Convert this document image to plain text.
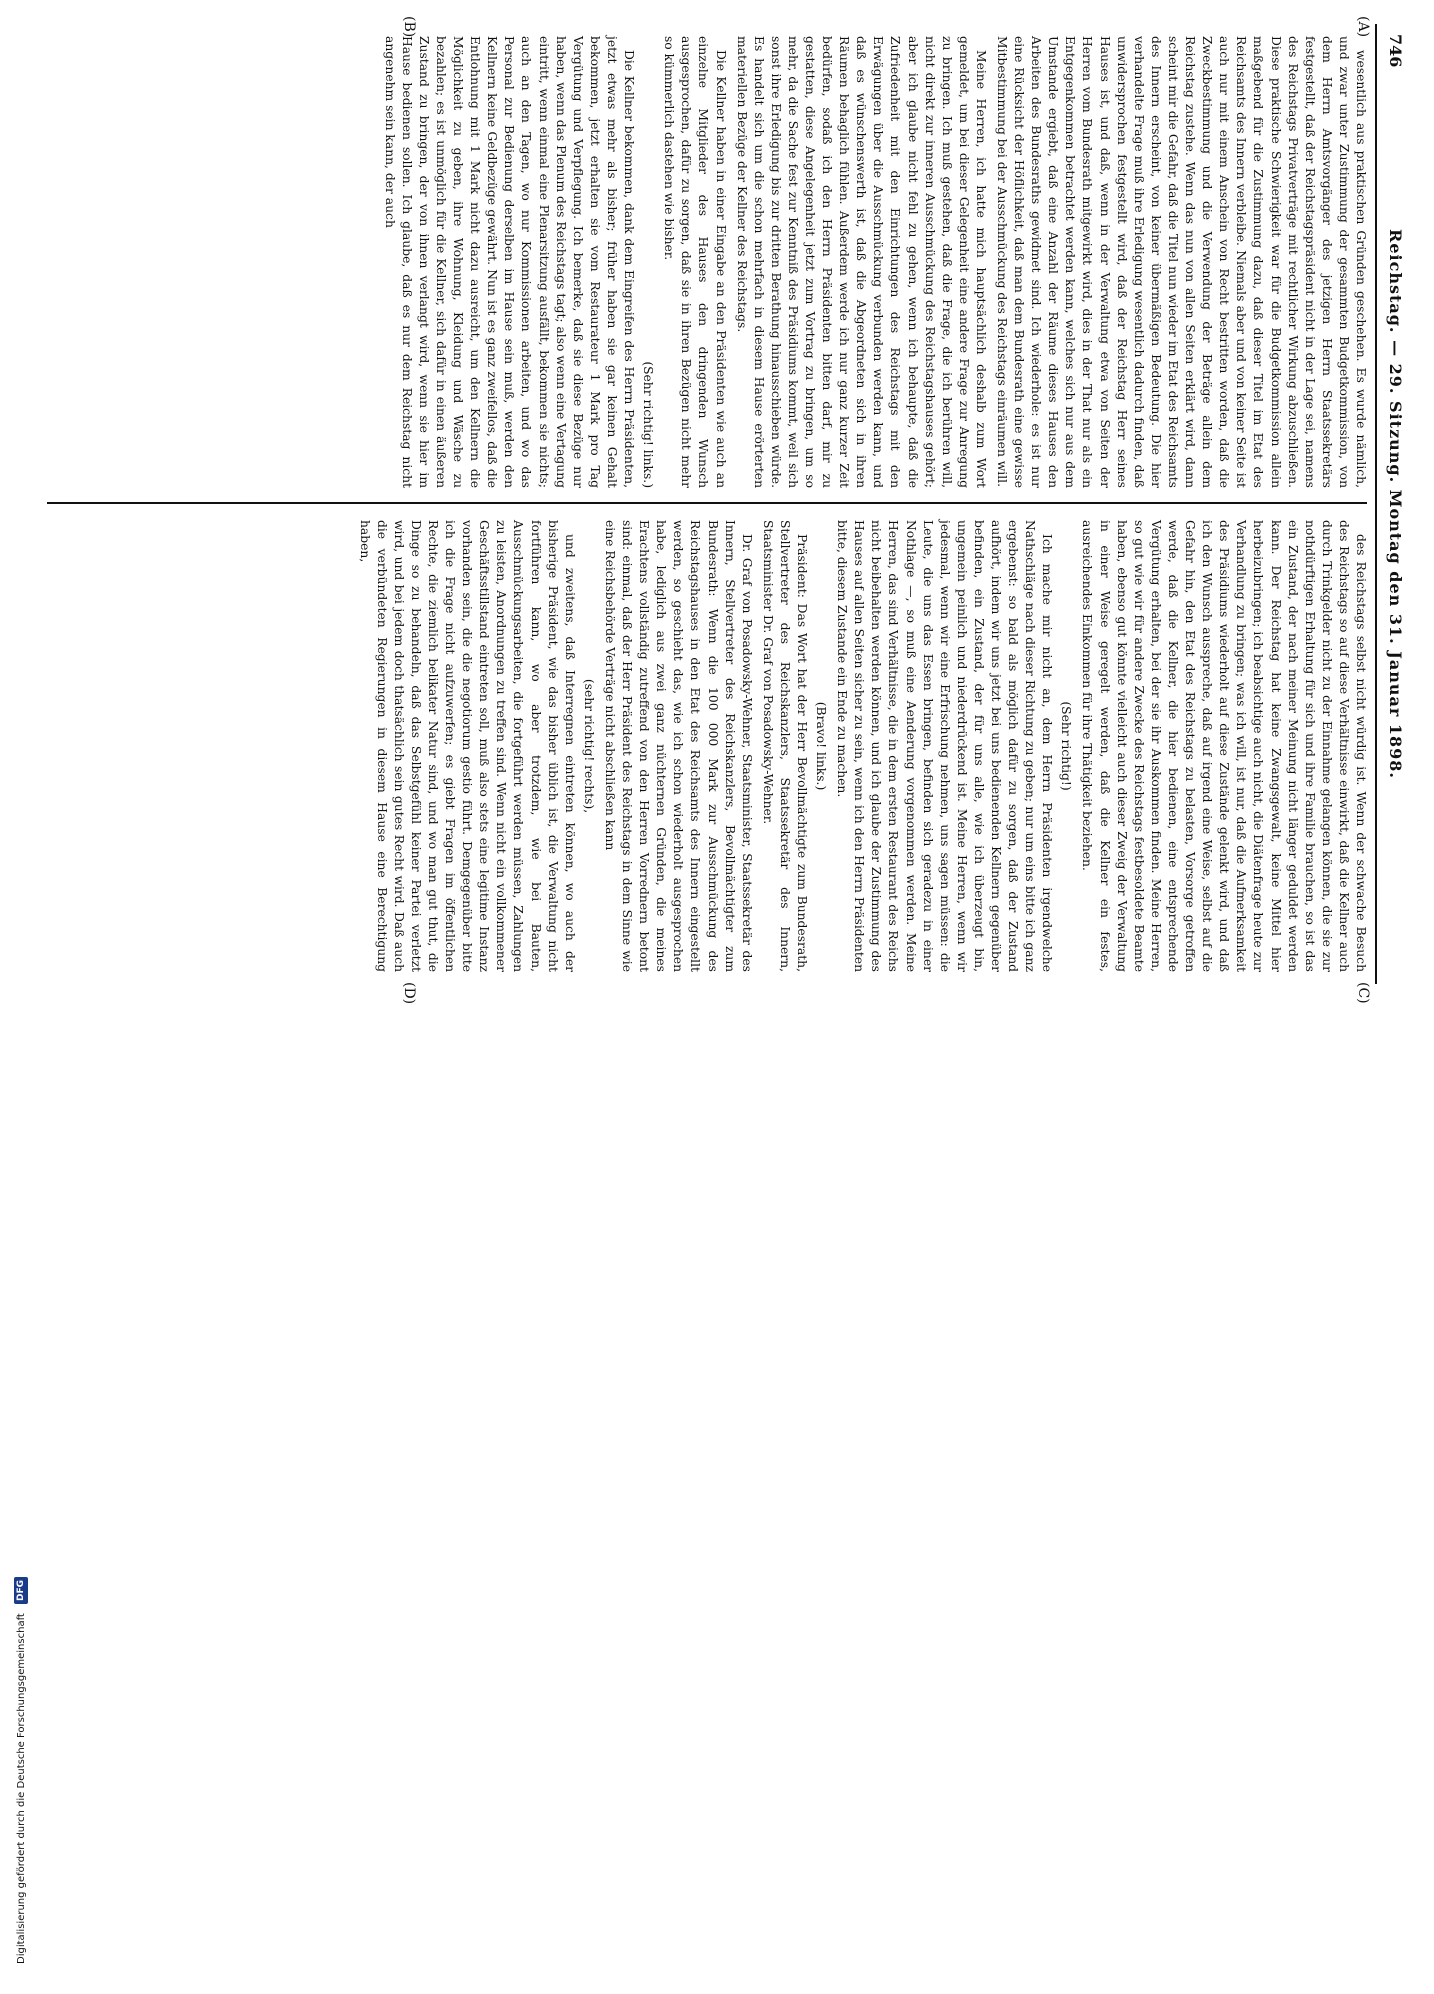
746
Reichstag. — 29. Sitzung. Montag den 31. Januar 1898.
(A)
(B)
(C)
(D)

wesentlich aus praktischen Gründen geschehen. Es wurde nämlich, und zwar unter Zustimmung der gesammten Budgetkommission, von dem Herrn Amtsvorgänger des jetzigen Herrn Staatssekretärs festgestellt, daß der Reichstagspräsident nicht in der Lage sei, namens des Reichstags Privatverträge mit rechtlicher Wirkung abzuschließen. Diese praktische Schwierigkeit war für die Budgetkommission allein maßgebend für die Zustimmung dazu, daß dieser Titel im Etat des Reichsamts des Innern verbleibe. Niemals aber und von keiner Seite ist auch nur mit einem Anschein von Recht bestritten worden, daß die Zweckbestimmung und die Verwendung der Beträge allein dem Reichstag zustehe. Wenn das nun von allen Seiten erklärt wird, dann scheint mir die Gefahr, daß die Titel nun wieder im Etat des Reichsamts des Innern erscheint, von keiner übermäßigen Bedeutung. Die hier verhandelte Frage muß ihre Erledigung wesentlich dadurch finden, daß unwidersprochen festgestellt wird, daß der Reichstag Herr seines Hauses ist, und daß, wenn in der Verwaltung etwa von Seiten der Herren vom Bundesrath mitgewirkt wird, dies in der That nur als ein Entgegenkommen betrachtet werden kann, welches sich nur aus dem Umstande ergiebt, daß eine Anzahl der Räume dieses Hauses den Arbeiten des Bundesraths gewidmet sind. Ich wiederhole: es ist nur eine Rücksicht der Höflichkeit, daß man dem Bundesrath eine gewisse Mitbestimmung bei der Ausschmückung des Reichstags einräumen will.

Meine Herren, ich hatte mich hauptsächlich deshalb zum Wort gemeldet, um bei dieser Gelegenheit eine andere Frage zur Anregung zu bringen. Ich muß gestehen, daß die Frage, die ich berühren will, nicht direkt zur inneren Ausschmückung des Reichstagshauses gehört; aber ich glaube nicht fehl zu gehen, wenn ich behaupte, daß die Zufriedenheit mit den Einrichtungen des Reichstags mit den Erwägungen über die Ausschmückung verbunden werden kann, und daß es wünschenswerth ist, daß die Abgeordneten sich in ihren Räumen behaglich fühlen. Außerdem werde ich nur ganz kurzer Zeit bedürfen, sodaß ich den Herrn Präsidenten bitten darf, mir zu gestatten, diese Angelegenheit jetzt zum Vortrag zu bringen, um so mehr, da die Sache fest zur Kenntniß des Präsidiums kommt, weil sich sonst ihre Erledigung bis zur dritten Berathung hinausschieben würde. Es handelt sich um die schon mehrfach in diesem Hause erörterten materiellen Bezüge der Kellner des Reichstags.

Die Kellner haben in einer Eingabe an den Präsidenten wie auch an einzelne Mitglieder des Hauses den dringenden Wunsch ausgesprochen, dafür zu sorgen, daß sie in ihren Bezügen nicht mehr so kümmerlich dastehen wie bisher.

(Sehr richtig! links.)

Die Kellner bekommen, dank dem Eingreifen des Herrn Präsidenten, jetzt etwas mehr als bisher; früher haben sie gar keinen Gehalt bekommen, jetzt erhalten sie vom Restaurateur 1 Mark pro Tag Vergütung und Verpflegung. Ich bemerke, daß sie diese Bezüge nur haben, wenn das Plenum des Reichstags tagt; also wenn eine Vertagung eintritt, wenn einmal eine Plenarsitzung ausfällt, bekommen sie nichts; auch an den Tagen, wo nur Kommissionen arbeiten, und wo das Personal zur Bedienung derselben im Hause sein muß, werden den Kellnern keine Geldbezüge gewährt. Nun ist es ganz zweifellos, daß die Entlohnung mit 1 Mark nicht dazu ausreicht, um den Kellnern die Möglichkeit zu geben, ihre Wohnung, Kleidung und Wäsche zu bezahlen; es ist unmöglich für die Kellner, sich dafür in einen äußeren Zustand zu bringen, der von ihnen verlangt wird, wenn sie hier im Hause bedienen sollen. Ich glaube, daß es nur dem Reichstag nicht angenehm sein kann, der auch

des Reichstags selbst nicht würdig ist. Wenn der schwache Besuch des Reichstags so auf diese Verhältnisse einwirkt, daß die Kellner auch durch Trinkgelder nicht zu der Einnahme gelangen können, die sie zur nothdürftigen Erhaltung für sich und ihre Familie brauchen, so ist das ein Zustand, der nach meiner Meinung nicht länger geduldet werden kann. Der Reichstag hat keine Zwangsgewalt, keine Mittel hier herbeizubringen; ich beabsichtige auch nicht, die Diätenfrage heute zur Verhandlung zu bringen; was ich will, ist nur, daß die Aufmerksamkeit des Präsidiums wiederholt auf diese Zustände gelenkt wird, und daß ich den Wunsch ausspreche, daß auf irgend eine Weise, selbst auf die Gefahr hin, den Etat des Reichstags zu belasten, Vorsorge getroffen werde, daß die Kellner, die hier bedienen, eine entsprechende Vergütung erhalten, bei der sie ihr Auskommen finden. Meine Herren, so gut wie wir für andere Zwecke des Reichstags festbesoldete Beamte haben, ebenso gut könnte vielleicht auch dieser Zweig der Verwaltung in einer Weise geregelt werden, daß die Kellner ein festes, ausreichendes Einkommen für ihre Thätigkeit beziehen.

(Sehr richtig!)

Ich mache mir nicht an, dem Herrn Präsidenten irgendwelche Nathschläge nach dieser Richtung zu geben; nur um eins bitte ich ganz ergebenst: so bald als möglich dafür zu sorgen, daß der Zustand aufhört, indem wir uns jetzt bei uns bedienenden Kellnern gegenüber befinden, ein Zustand, der für uns alle, wie ich überzeugt bin, ungemein peinlich und niederdrückend ist. Meine Herren, wenn wir jedesmal, wenn wir eine Erfrischung nehmen, uns sagen müssen: die Leute, die uns das Essen bringen, befinden sich geradezu in einer Nothlage —, so muß eine Aenderung vorgenommen werden. Meine Herren, das sind Verhältnisse, die in dem ersten Restaurant des Reichs nicht beibehalten werden können, und ich glaube der Zustimmung des Hauses auf allen Seiten sicher zu sein, wenn ich den Herrn Präsidenten bitte, diesem Zustande ein Ende zu machen.

(Bravo! links.)

Präsident: Das Wort hat der Herr Bevollmächtigte zum Bundesrath, Stellvertreter des Reichskanzlers, Staatssekretär des Innern, Staatsminister Dr. Graf von Posadowsky-Wehner.

Dr. Graf von Posadowsky-Wehner, Staatsminister, Staatssekretär des Innern, Stellvertreter des Reichskanzlers, Bevollmächtigter zum Bundesrath: Wenn die 100 000 Mark zur Ausschmückung des Reichstagshauses in den Etat des Reichsamts des Innern eingestellt werden, so geschieht das, wie ich schon wiederholt ausgesprochen habe, lediglich aus zwei ganz nüchternen Gründen, die meines Erachtens vollständig zutreffend von den Herren Vorrednern betont sind: einmal, daß der Herr Präsident des Reichstags in dem Sinne wie eine Reichsbehörde Verträge nicht abschließen kann

(sehr richtig! rechts),

und zweitens, daß Interregnen eintreten können, wo auch der bisherige Präsident, wie das bisher üblich ist, die Verwaltung nicht fortführen kann, wo aber trotzdem, wie bei Bauten, Ausschmückungsarbeiten, die fortgeführt werden müssen, Zahlungen zu leisten, Anordnungen zu treffen sind. Wenn nicht ein vollkommener Geschäftsstillstand eintreten soll, muß also stets eine legitime Instanz vorhanden sein, die die negotiorum gestio führt. Demgegenüber bitte ich die Frage nicht aufzuwerfen; es giebt Fragen im öffentlichen Rechte, die ziemlich belikater Natur sind, und wo man gut thut, die Dinge so zu behandeln, daß das Selbstgefühl keiner Partei verletzt wird, und bei jedem doch thatsächlich sein gutes Recht wird. Daß auch die verbündeten Regierungen in diesem Hause eine Berechtigung haben,

Digitalisierung gefördert durch die Deutsche Forschungsgemeinschaft DFG
